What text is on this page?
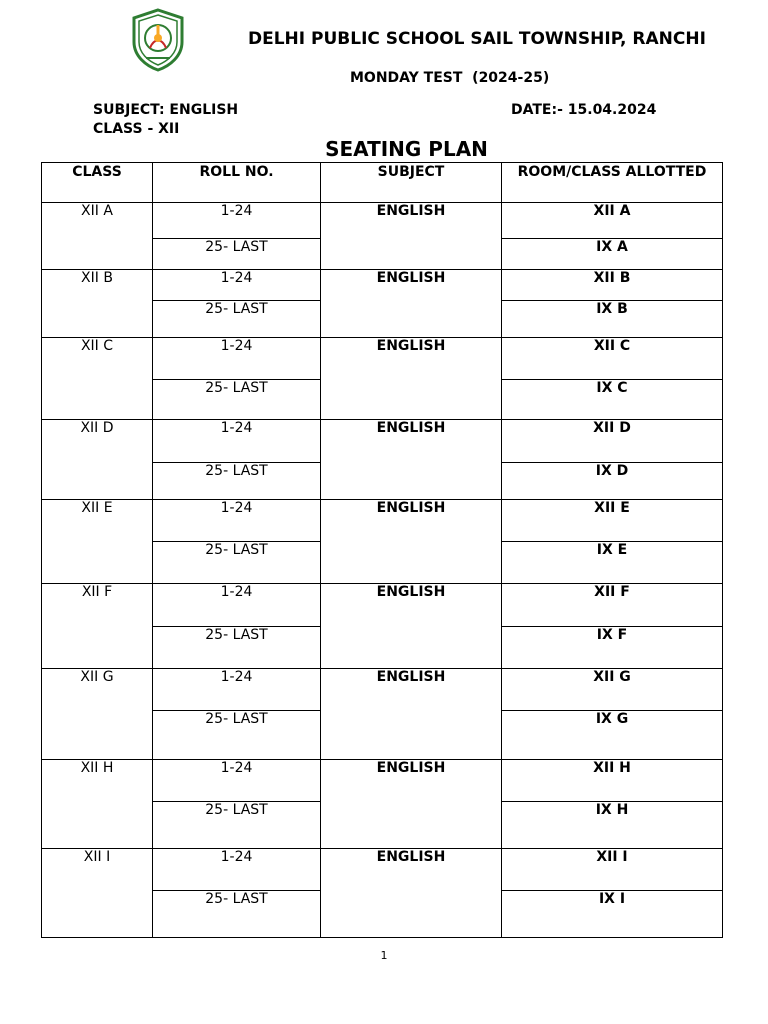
DELHI PUBLIC SCHOOL SAIL TOWNSHIP, RANCHI
MONDAY TEST  (2024-25)
SUBJECT: ENGLISH	DATE:- 15.04.2024
CLASS - XII
SEATING PLAN
CLASS	ROLL NO.	SUBJECT	ROOM/CLASS ALLOTTED
XII A	1-24	ENGLISH	XII A
	25- LAST		IX A
XII B	1-24	ENGLISH	XII B
	25- LAST		IX B
XII C	1-24	ENGLISH	XII C
	25- LAST		IX C
XII D	1-24	ENGLISH	XII D
	25- LAST		IX D
XII E	1-24	ENGLISH	XII E
	25- LAST		IX E
XII F	1-24	ENGLISH	XII F
	25- LAST		IX F
XII G	1-24	ENGLISH	XII G
	25- LAST		IX G
XII H	1-24	ENGLISH	XII H
	25- LAST		IX H
XII I	1-24	ENGLISH	XII I
	25- LAST		IX I
1
